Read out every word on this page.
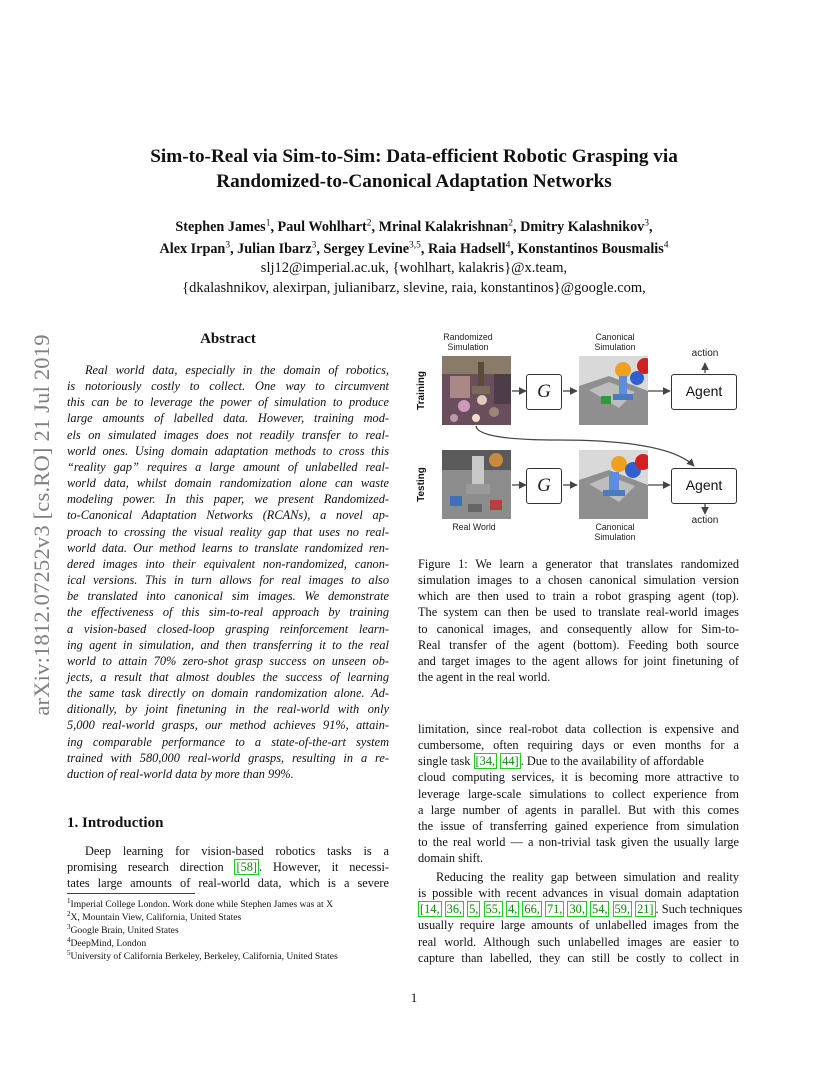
arXiv:1812.07252v3 [cs.RO] 21 Jul 2019
Sim-to-Real via Sim-to-Sim: Data-efficient Robotic Grasping via
Randomized-to-Canonical Adaptation Networks
Stephen James$^1$, Paul Wohlhart$^2$, Mrinal Kalakrishnan$^2$, Dmitry Kalashnikov$^3$,
Alex Irpan$^3$, Julian Ibarz$^3$, Sergey Levine$^{3,5}$, Raia Hadsell$^4$, Konstantinos Bousmalis$^4$
slj12@imperial.ac.uk, {wohlhart, kalakris}@x.team,
{dkalashnikov, alexirpan, julianibarz, slevine, raia, konstantinos}@google.com,
Abstract
Real world data, especially in the domain of robotics,
is notoriously costly to collect. One way to circumvent
this can be to leverage the power of simulation to produce
large amounts of labelled data. However, training mod-
els on simulated images does not readily transfer to real-
world ones. Using domain adaptation methods to cross this
“reality gap” requires a large amount of unlabelled real-
world data, whilst domain randomization alone can waste
modeling power. In this paper, we present Randomized-
to-Canonical Adaptation Networks (RCANs), a novel ap-
proach to crossing the visual reality gap that uses no real-
world data. Our method learns to translate randomized ren-
dered images into their equivalent non-randomized, canon-
ical versions. This in turn allows for real images to also
be translated into canonical sim images. We demonstrate
the effectiveness of this sim-to-real approach by training
a vision-based closed-loop grasping reinforcement learn-
ing agent in simulation, and then transferring it to the real
world to attain 70% zero-shot grasp success on unseen ob-
jects, a result that almost doubles the success of learning
the same task directly on domain randomization alone. Ad-
ditionally, by joint finetuning in the real-world with only
5,000 real-world grasps, our method achieves 91%, attain-
ing comparable performance to a state-of-the-art system
trained with 580,000 real-world grasps, resulting in a re-
duction of real-world data by more than 99%.
1. Introduction
Deep learning for vision-based robotics tasks is a
promising research direction [58] . However, it necessi-
tates large amounts of real-world data, which is a severe
$^1$Imperial College London. Work done while Stephen James was at X
$^2$X, Mountain View, California, United States
$^3$Google Brain, United States
$^4$DeepMind, London
$^5$University of California Berkeley, Berkeley, California, United States
Randomized
Simulation
Canonical
Simulation
action
Training
Testing
G	Agent
G	Agent
action
Real World	Canonical
Simulation
Figure 1: We learn a generator that translates randomized
simulation images to a chosen canonical simulation version
which are then used to train a robot grasping agent (top).
The system can then be used to translate real-world images
to canonical images, and consequently allow for Sim-to-
Real transfer of the agent (bottom). Feeding both source
and target images to the agent allows for joint finetuning of
the agent in the real world.
limitation, since real-robot data collection is expensive and
cumbersome, often requiring days or even months for a
single task [34, 44] . Due to the availability of affordable
cloud computing services, it is becoming more attractive to
leverage large-scale simulations to collect experience from
a large number of agents in parallel. But with this comes
the issue of transferring gained experience from simulation
to the real world — a non-trivial task given the usually large
domain shift.
Reducing the reality gap between simulation and reality
is possible with recent advances in visual domain adaptation
[14, 36, 5, 55, 4, 66, 71, 30, 54, 59, 21] . Such techniques
usually require large amounts of unlabelled images from the
real world. Although such unlabelled images are easier to
capture than labelled, they can still be costly to collect in
1
